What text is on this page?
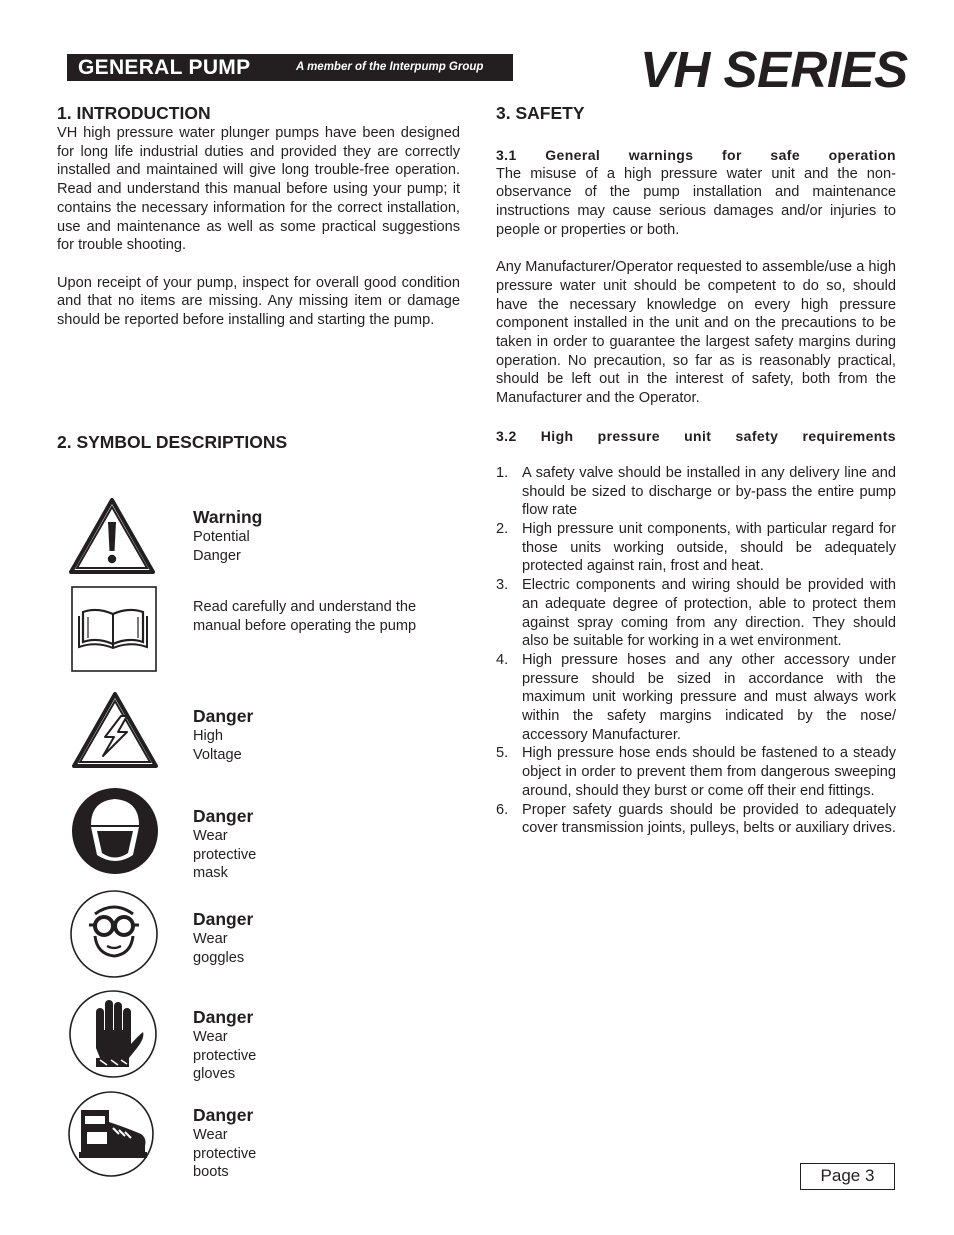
GENERAL PUMP	A member of the Interpump Group	VH SERIES
1. INTRODUCTION

VH high pressure water plunger pumps have been designed for long life industrial duties and provided they are correctly installed and maintained will give long trouble-free operation. Read and understand this manual before using your pump; it contains the necessary information for the correct installation, use and maintenance as well as some practical suggestions for trouble shooting.

Upon receipt of your pump, inspect for overall good condition and that no items are missing. Any missing item or damage should be reported before installing and starting the pump.

2. SYMBOL DESCRIPTIONS
Warning
Potential Danger
Read carefully and understand the manual before operating the pump
Danger
High Voltage
Danger
Wear protective mask
Danger
Wear goggles
Danger
Wear protective gloves
Danger
Wear protective boots
3. SAFETY
3.1 General warnings for safe operation

The misuse of a high pressure water unit and the non-observance of the pump installation and maintenance instructions may cause serious damages and/or injuries to people or properties or both.

Any Manufacturer/Operator requested to assemble/use a high pressure water unit should be competent to do so, should have the necessary knowledge on every high pressure component installed in the unit and on the precautions to be taken in order to guarantee the largest safety margins during operation. No precaution, so far as is reasonably practical, should be left out in the interest of safety, both from the Manufacturer and the Operator.

3.2 High pressure unit safety requirements
1. A safety valve should be installed in any delivery line and should be sized to discharge or by-pass the entire pump flow rate
2. High pressure unit components, with particular regard for those units working outside, should be adequately protected against rain, frost and heat.
3. Electric components and wiring should be provided with an adequate degree of protection, able to protect them against spray coming from any direction. They should also be suitable for working in a wet environment.
4. High pressure hoses and any other accessory under pressure should be sized in accordance with the maximum unit working pressure and must always work within the safety margins indicated by the nose/ accessory Manufacturer.
5. High pressure hose ends should be fastened to a steady object in order to prevent them from dangerous sweeping around, should they burst or come off their end fittings.
6. Proper safety guards should be provided to adequately cover transmission joints, pulleys, belts or auxiliary drives.
Page 3
